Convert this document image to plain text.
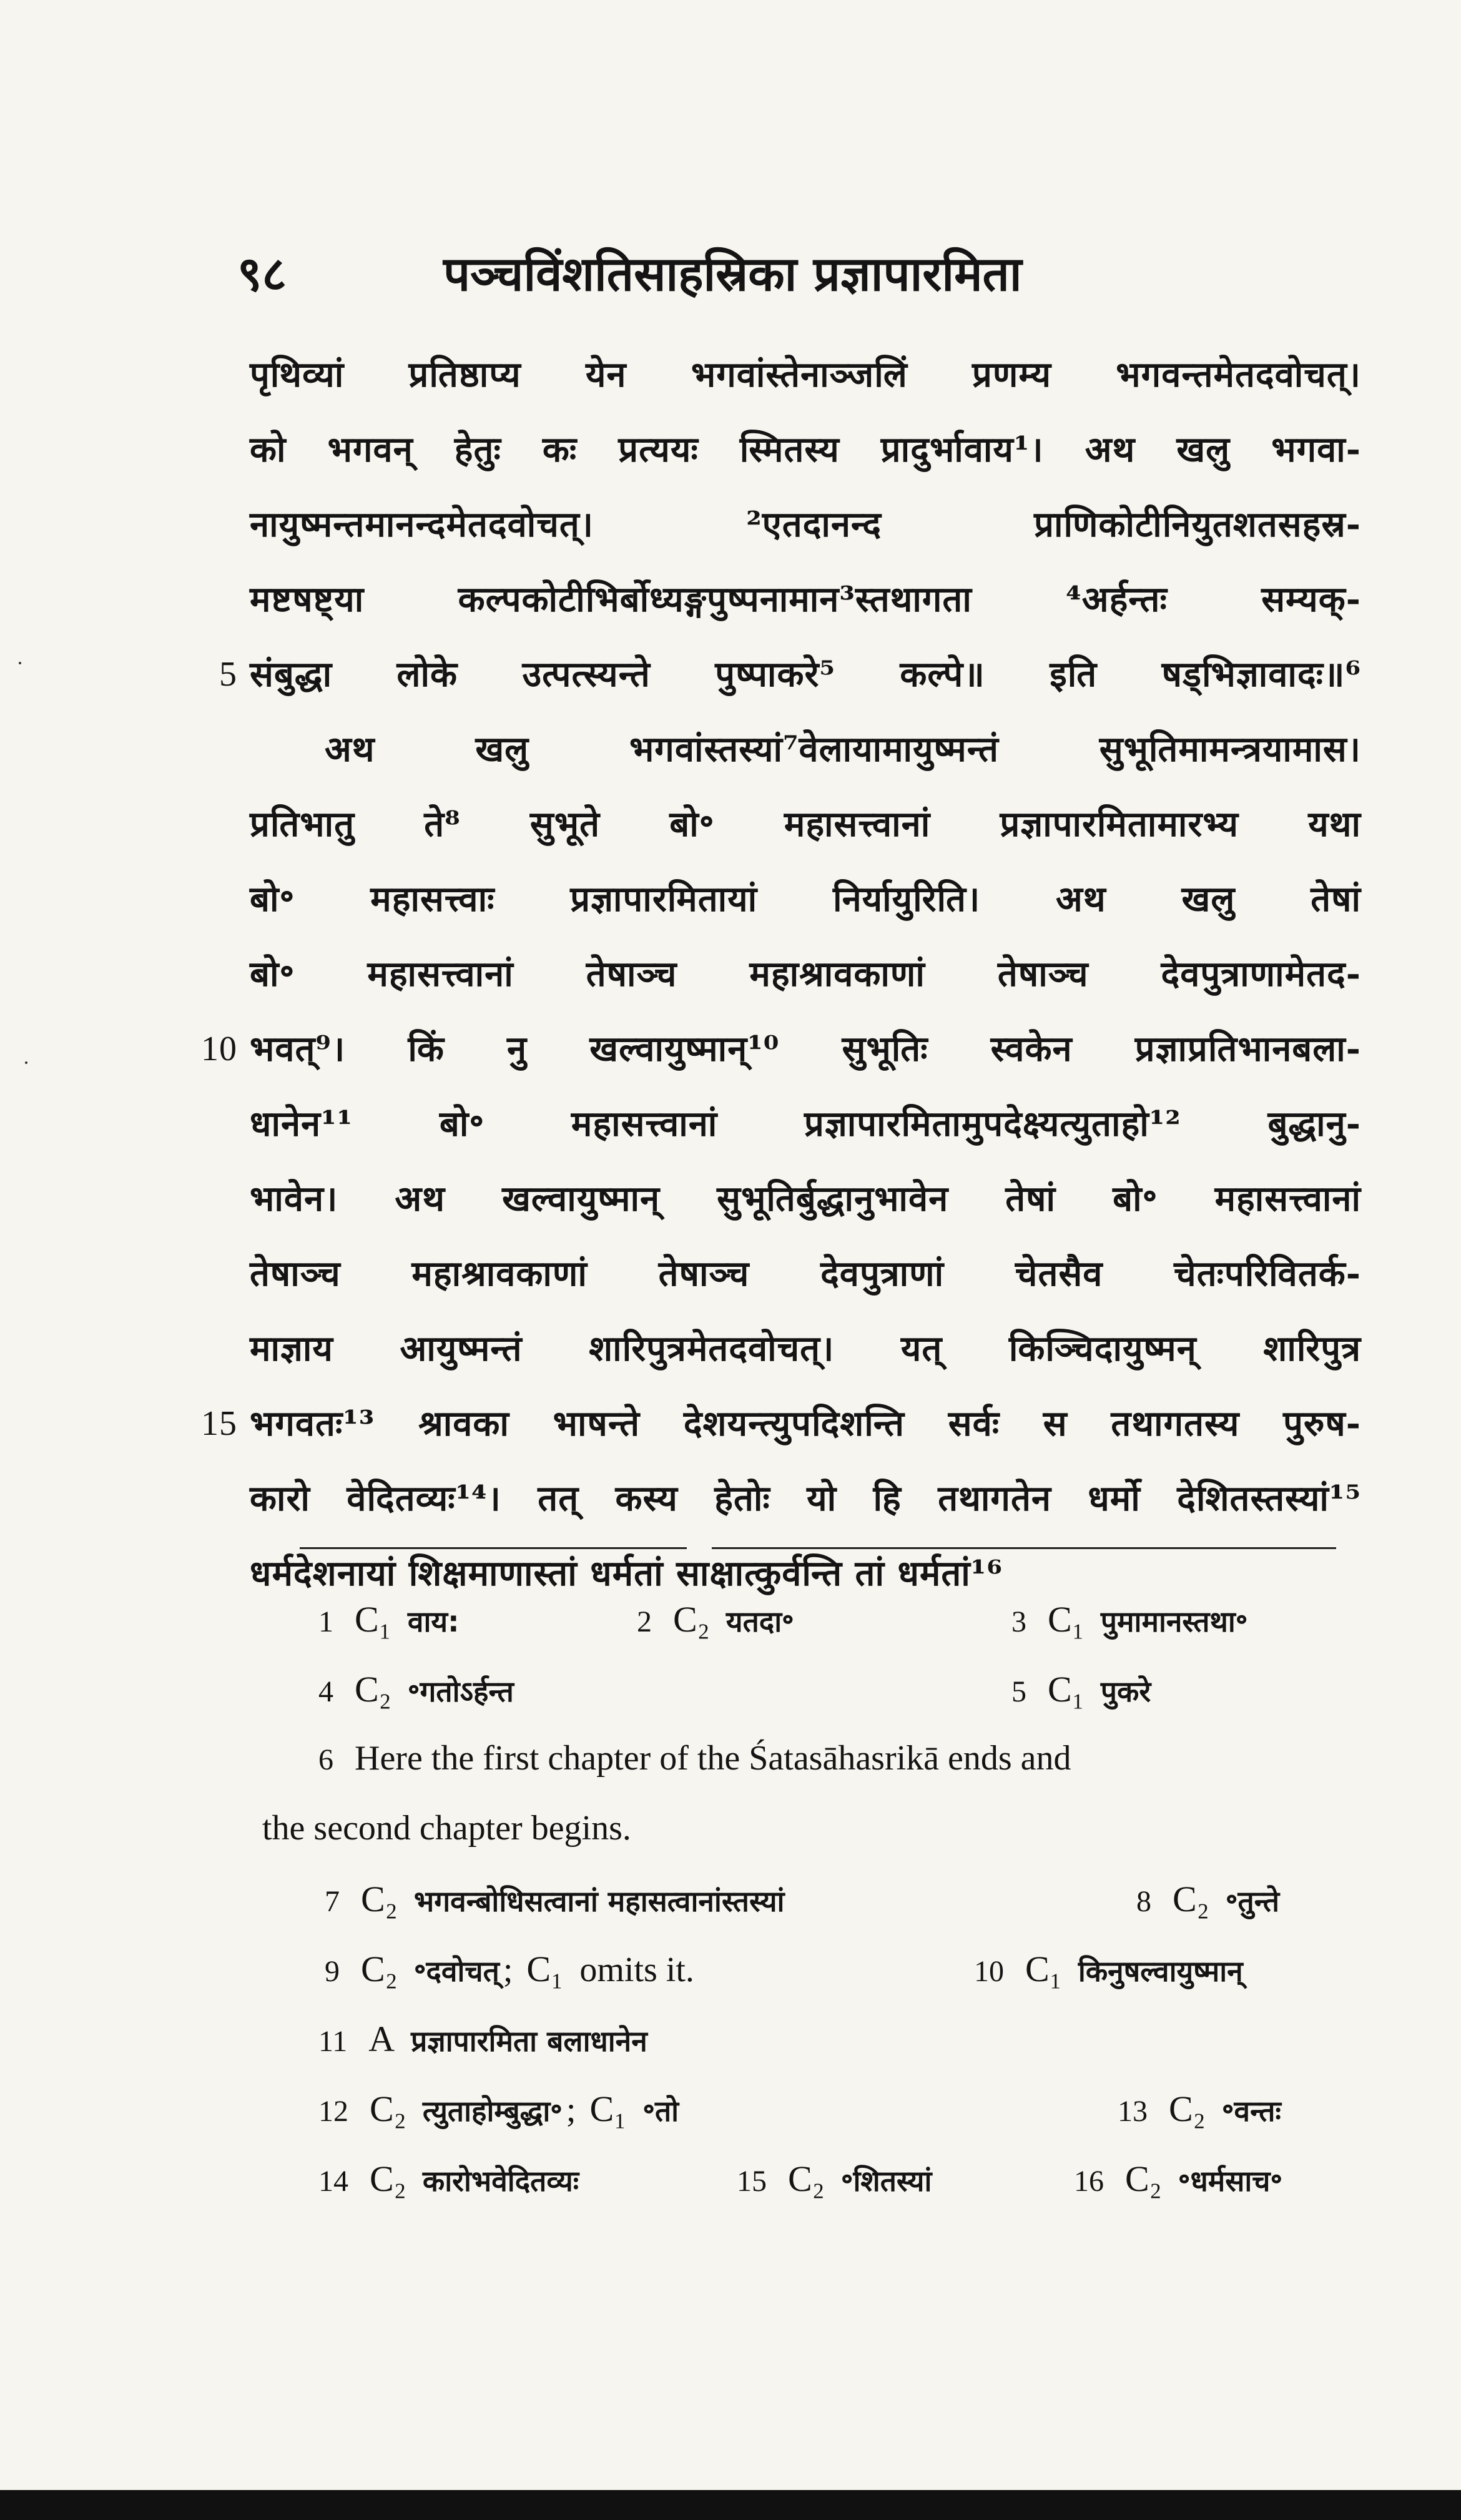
९८	पञ्चविंशतिसाहस्रिका प्रज्ञापारमिता
पृथिव्यां प्रतिष्ठाप्य येन भगवांस्तेनाञ्जलिं प्रणम्य भगवन्तमेतदवोचत्।
को भगवन् हेतुः कः प्रत्ययः स्मितस्य प्रादुर्भावाय¹। अथ खलु भगवा-
नायुष्मन्तमानन्दमेतदवोचत्। ²एतदानन्द प्राणिकोटीनियुतशतसहस्र-
मष्टषष्ट्या कल्पकोटीभिर्बोध्यङ्गपुष्पनामान³स्तथागता ⁴अर्हन्तः सम्यक्-
5 संबुद्धा लोके उत्पत्स्यन्ते पुष्पाकरे⁵ कल्पे॥ इति षड्भिज्ञावादः॥⁶
अथ खलु भगवांस्तस्यां⁷वेलायामायुष्मन्तं सुभूतिमामन्त्रयामास।
प्रतिभातु ते⁸ सुभूते बो॰ महासत्त्वानां प्रज्ञापारमितामारभ्य यथा
बो॰ महासत्त्वाः प्रज्ञापारमितायां निर्यायुरिति। अथ खलु तेषां
बो॰ महासत्त्वानां तेषाञ्च महाश्रावकाणां तेषाञ्च देवपुत्राणामेतद-
10 भवत्⁹। किं नु खल्वायुष्मान्¹⁰ सुभूतिः स्वकेन प्रज्ञाप्रतिभानबला-
धानेन¹¹ बो॰ महासत्त्वानां प्रज्ञापारमितामुपदेक्ष्यत्युताहो¹² बुद्धानु-
भावेन। अथ खल्वायुष्मान् सुभूतिर्बुद्धानुभावेन तेषां बो॰ महासत्त्वानां
तेषाञ्च महाश्रावकाणां तेषाञ्च देवपुत्राणां चेतसैव चेतःपरिवितर्क-
माज्ञाय आयुष्मन्तं शारिपुत्रमेतदवोचत्। यत् किञ्चिदायुष्मन् शारिपुत्र
15 भगवतः¹³ श्रावका भाषन्ते देशयन्त्युपदिशन्ति सर्वः स तथागतस्य पुरुष-
कारो वेदितव्यः¹⁴। तत् कस्य हेतोः यो हि तथागतेन धर्मो देशितस्तस्यां¹⁵
धर्मदेशनायां शिक्षमाणास्तां धर्मतां साक्षात्कुर्वन्ति तां धर्मतां¹⁶
1 C₁ वाय:	2 C₂ यतदा॰	3 C₁ पुमामानस्तथा॰
4 C₂ ॰गतोऽर्हन्त	5 C₁ पुकरे
6 Here the first chapter of the Śatasāhasrikā ends and
the second chapter begins.
7 C₂ भगवन्बोधिसत्वानां महासत्वानांस्तस्यां	8 C₂ ॰तुन्ते
9 C₂ ॰दवोचत् ; C₁ omits it.	10 C₁ किनुषल्वायुष्मान्
11 A प्रज्ञापारमिता बलाधानेन
12 C₂ त्युताहोम्बुद्धा॰ ; C₁ ॰तो	13 C₂ ॰वन्तः
14 C₂ कारोभवेदितव्यः	15 C₂ ॰शितस्यां	16 C₂ ॰धर्मसाच॰
